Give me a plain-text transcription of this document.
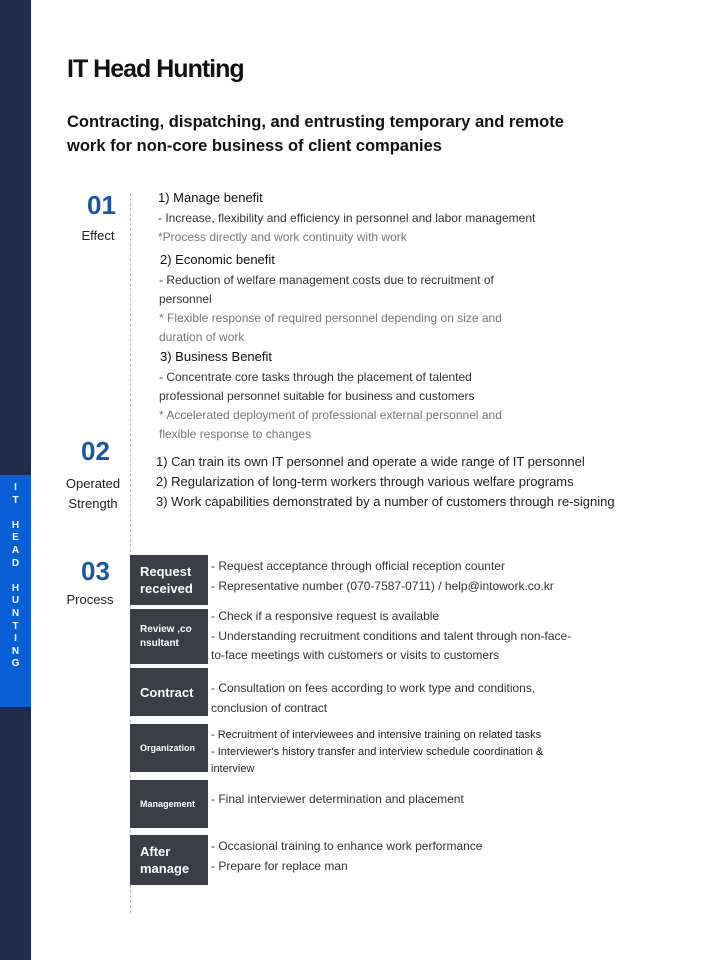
I
T
H
E
A
D
H
U
N
T
I
N
G
IT Head Hunting
Contracting, dispatching, and entrusting temporary and remote work for non-core business of client companies
01
Effect
1) Manage benefit
- Increase, flexibility and efficiency in personnel and labor management
*Process directly and work continuity with work
2) Economic benefit
- Reduction of welfare management costs due to recruitment of
personnel
* Flexible response of required personnel depending on size and
duration of work
3) Business Benefit
- Concentrate core tasks through the placement of talented
professional personnel suitable for business and customers
* Accelerated deployment of professional external personnel and
flexible response to changes
02
Operated
Strength
1) Can train its own IT personnel and operate a wide range of IT personnel
2) Regularization of long-term workers through various welfare programs
3) Work capabilities demonstrated by a number of customers through re-signing
03
Process
Request
received
- Request acceptance through official reception counter
- Representative number (070-7587-0711) / help@intowork.co.kr
Review ,co
nsultant
- Check if a responsive request is available
- Understanding recruitment conditions and talent through non-face-
to-face meetings with customers or visits to customers
Contract - Consultation on fees according to work type and conditions,
conclusion of contract
Organization
- Recruitment of interviewees and intensive training on related tasks
- Interviewer's history transfer and interview schedule coordination &
interview
Management - Final interviewer determination and placement
After
manage
- Occasional training to enhance work performance
- Prepare for replace man
